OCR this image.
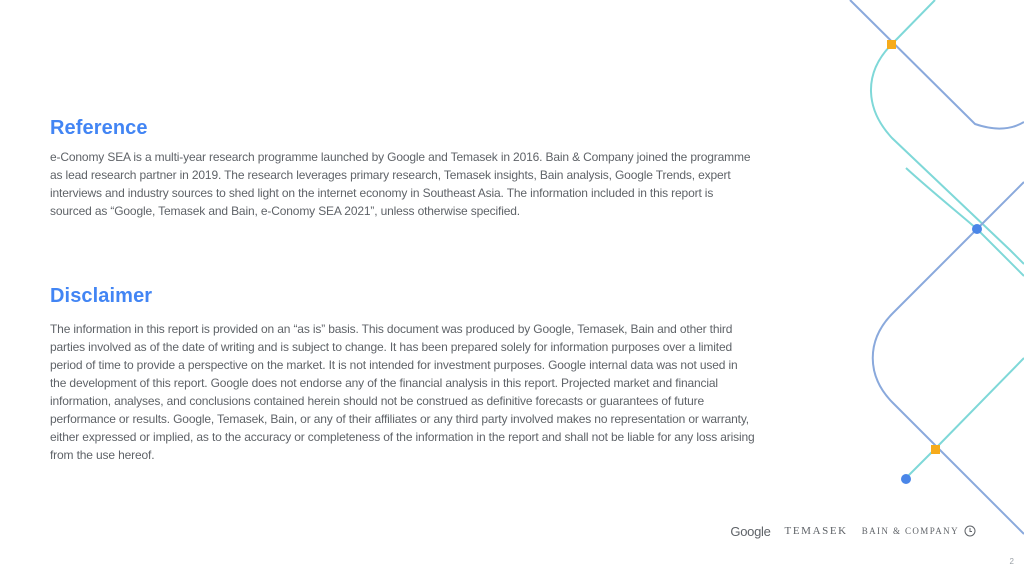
Reference

e-Conomy SEA is a multi-year research programme launched by Google and Temasek in 2016. Bain & Company joined the programme as lead research partner in 2019. The research leverages primary research, Temasek insights, Bain analysis, Google Trends, expert interviews and industry sources to shed light on the internet economy in Southeast Asia. The information included in this report is sourced as “Google, Temasek and Bain, e-Conomy SEA 2021”, unless otherwise specified.

Disclaimer

The information in this report is provided on an “as is” basis. This document was produced by Google, Temasek, Bain and other third parties involved as of the date of writing and is subject to change. It has been prepared solely for information purposes over a limited period of time to provide a perspective on the market. It is not intended for investment purposes. Google internal data was not used in the development of this report. Google does not endorse any of the financial analysis in this report. Projected market and financial information, analyses, and conclusions contained herein should not be construed as definitive forecasts or guarantees of future performance or results. Google, Temasek, Bain, or any of their affiliates or any third party involved makes no representation or warranty, either expressed or implied, as to the accuracy or completeness of the information in the report and shall not be liable for any loss arising from the use hereof.

Google TEMASEK BAIN & COMPANY
2
